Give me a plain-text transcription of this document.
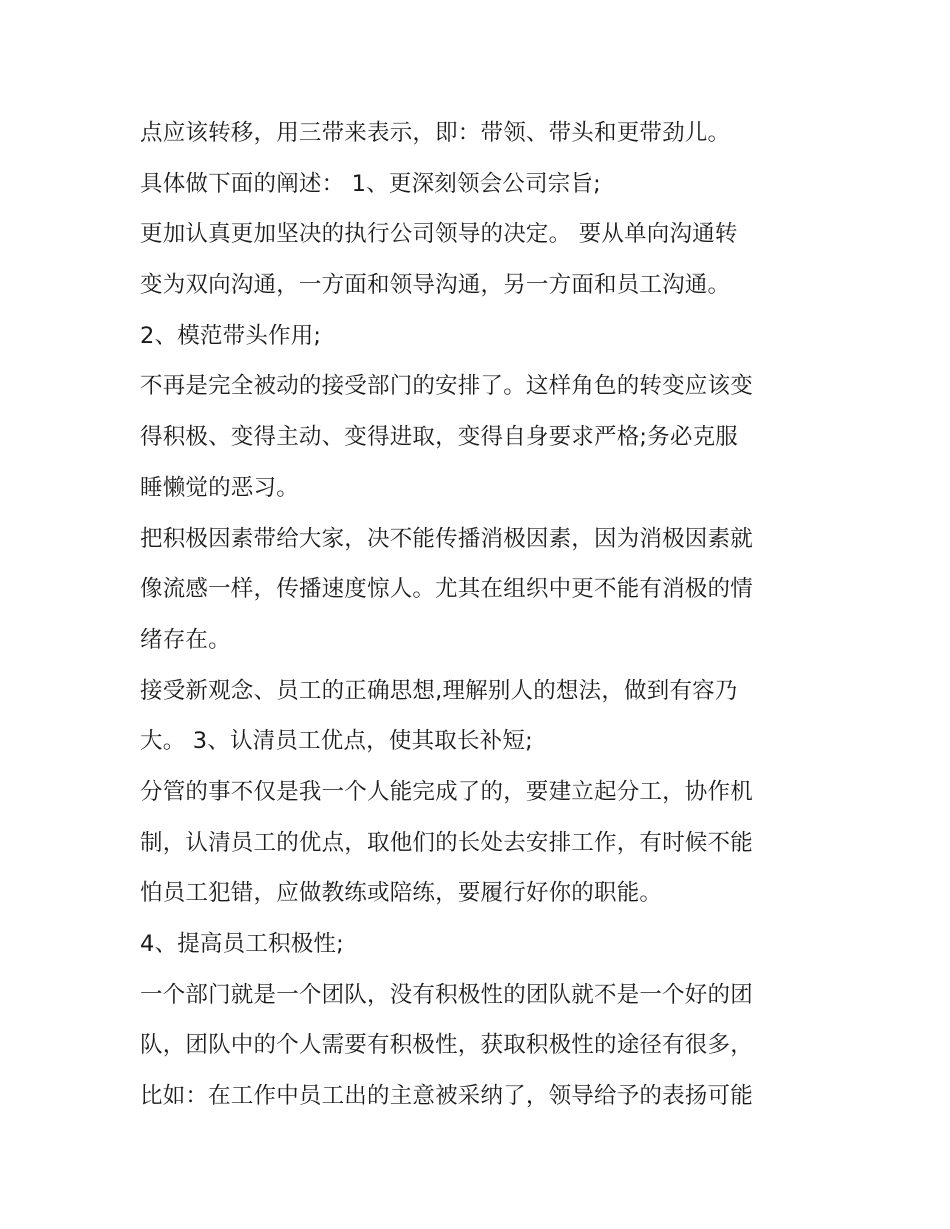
点应该转移，用三带来表示，即：带领、带头和更带劲儿。
具体做下面的阐述： 1、更深刻领会公司宗旨;
更加认真更加坚决的执行公司领导的决定。 要从单向沟通转
变为双向沟通，一方面和领导沟通，另一方面和员工沟通。
2、模范带头作用;
不再是完全被动的接受部门的安排了。这样角色的转变应该变
得积极、变得主动、变得进取，变得自身要求严格;务必克服
睡懒觉的恶习。
把积极因素带给大家，决不能传播消极因素，因为消极因素就
像流感一样，传播速度惊人。尤其在组织中更不能有消极的情
绪存在。
接受新观念、员工的正确思想,理解别人的想法，做到有容乃
大。 3、认清员工优点，使其取长补短;
分管的事不仅是我一个人能完成了的，要建立起分工，协作机
制，认清员工的优点，取他们的长处去安排工作，有时候不能
怕员工犯错，应做教练或陪练，要履行好你的职能。
4、提高员工积极性;
一个部门就是一个团队，没有积极性的团队就不是一个好的团
队，团队中的个人需要有积极性，获取积极性的途径有很多，
比如：在工作中员工出的主意被采纳了，领导给予的表扬可能
